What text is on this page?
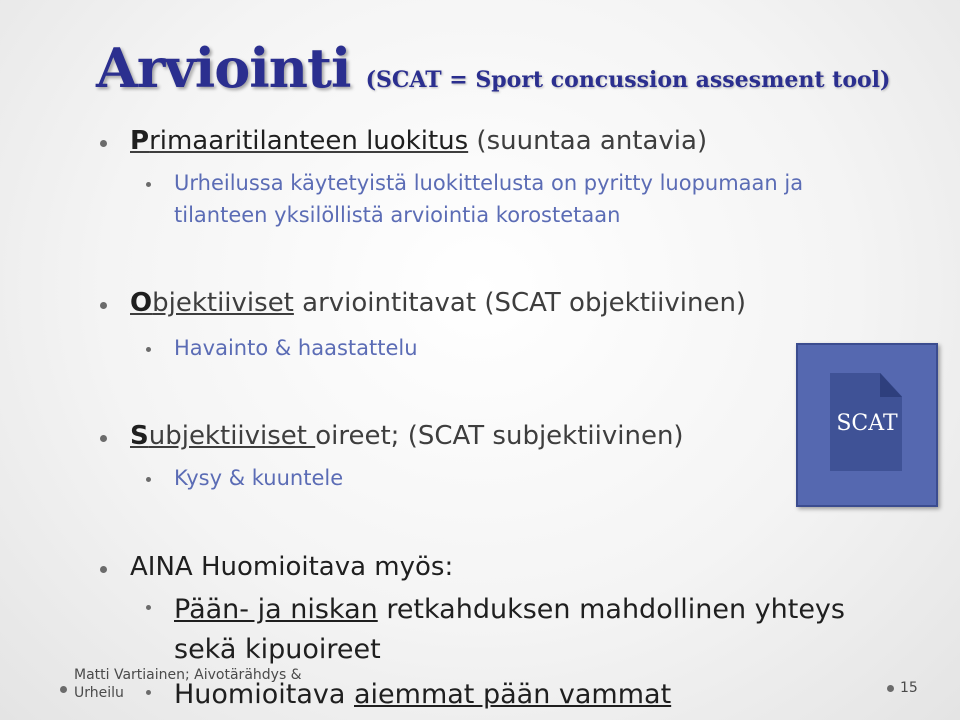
Arviointi (SCAT = Sport concussion assesment tool)
Primaaritilanteen luokitus (suuntaa antavia)
Urheilussa käytetyistä luokittelusta on pyritty luopumaan ja
tilanteen yksilöllistä arviointia korostetaan
Objektiiviset arviointitavat (SCAT objektiivinen)
Havainto & haastattelu
Subjektiiviset oireet; (SCAT subjektiivinen)
Kysy & kuuntele
SCAT
AINA Huomioitava myös:
Pään- ja niskan retkahduksen mahdollinen yhteys
sekä kipuoireet
Huomioitava aiemmat pään vammat
Matti Vartiainen; Aivotärähdys &
Urheilu	15
